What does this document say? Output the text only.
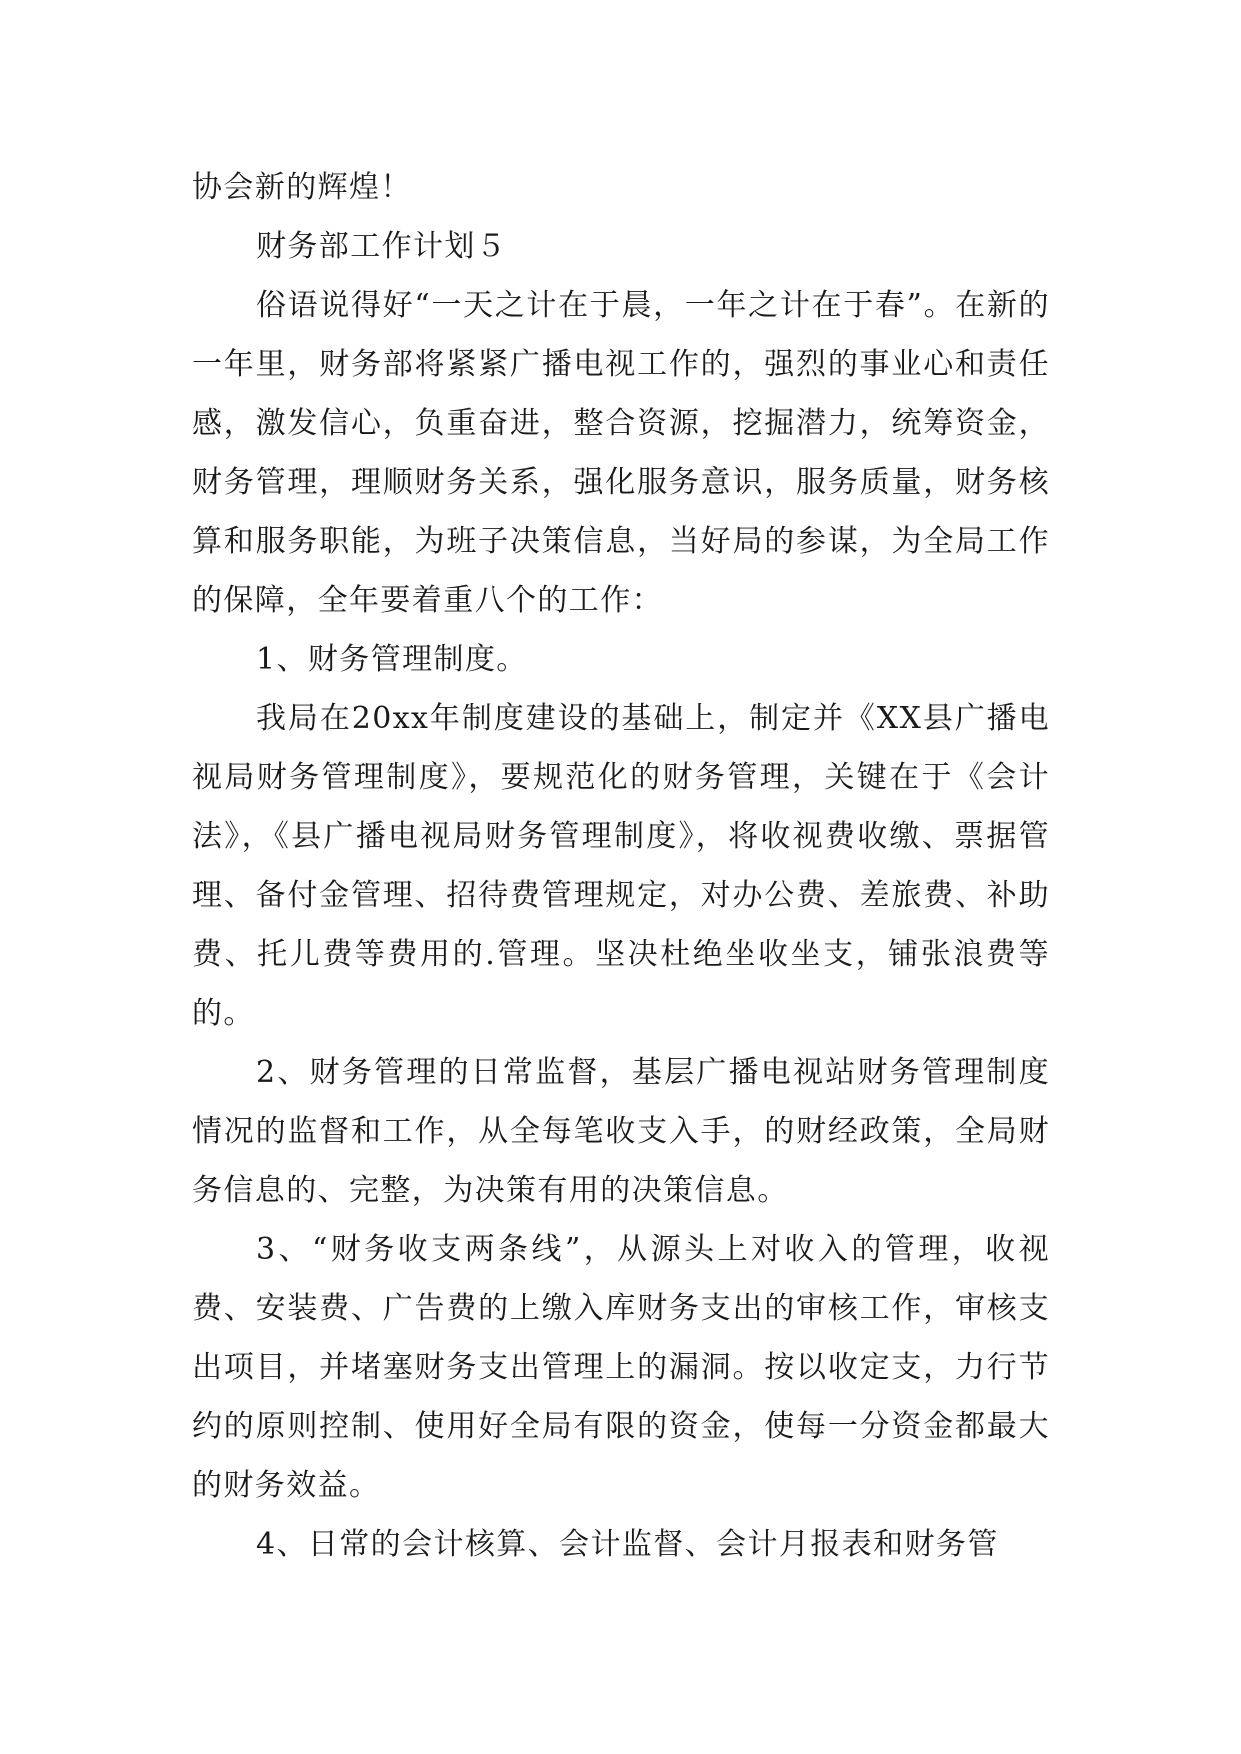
协会新的辉煌！

财务部工作计划５

俗语说得好“一天之计在于晨，一年之计在于春”。在新的一年里，财务部将紧紧广播电视工作的，强烈的事业心和责任感，激发信心，负重奋进，整合资源，挖掘潜力，统筹资金，财务管理，理顺财务关系，强化服务意识，服务质量，财务核算和服务职能，为班子决策信息，当好局的参谋，为全局工作的保障，全年要着重八个的工作：

1、财务管理制度。

我局在20xx年制度建设的基础上，制定并《XX县广播电视局财务管理制度》，要规范化的财务管理，关键在于《会计法》，《县广播电视局财务管理制度》，将收视费收缴、票据管理、备付金管理、招待费管理规定，对办公费、差旅费、补助费、托儿费等费用的.管理。坚决杜绝坐收坐支，铺张浪费等的。

2、财务管理的日常监督，基层广播电视站财务管理制度情况的监督和工作，从全每笔收支入手，的财经政策，全局财务信息的、完整，为决策有用的决策信息。

3、“财务收支两条线”，从源头上对收入的管理，收视费、安装费、广告费的上缴入库财务支出的审核工作，审核支出项目，并堵塞财务支出管理上的漏洞。按以收定支，力行节约的原则控制、使用好全局有限的资金，使每一分资金都最大的财务效益。

4、日常的会计核算、会计监督、会计月报表和财务管
